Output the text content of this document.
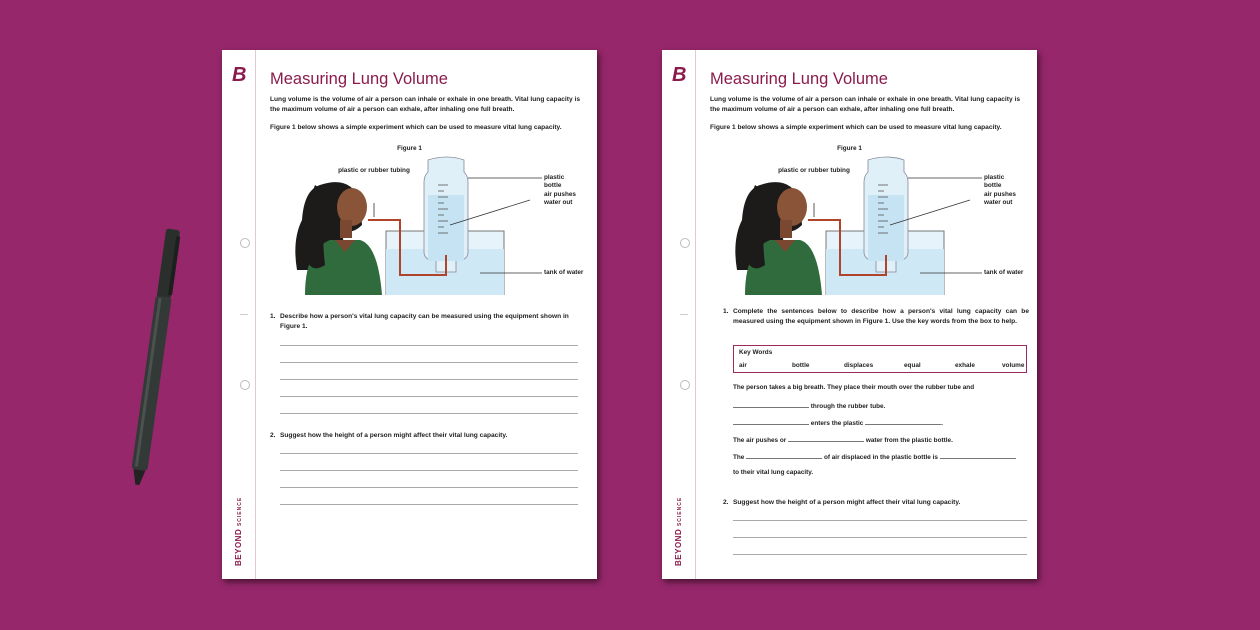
B
BEYOND SCIENCE
Measuring Lung Volume
Lung volume is the volume of air a person can inhale or exhale in one breath. Vital lung capacity is the maximum volume of air a person can exhale, after inhaling one full breath.
Figure 1 below shows a simple experiment which can be used to measure vital lung capacity.
Figure 1
plastic or rubber tubing
plastic bottle
air pushes water out
tank of water
1. Describe how a person's vital lung capacity can be measured using the equipment shown in Figure 1.
2. Suggest how the height of a person might affect their vital lung capacity.
B
BEYOND SCIENCE
Measuring Lung Volume
Lung volume is the volume of air a person can inhale or exhale in one breath. Vital lung capacity is the maximum volume of air a person can exhale, after inhaling one full breath.
Figure 1 below shows a simple experiment which can be used to measure vital lung capacity.
Figure 1
plastic or rubber tubing
plastic bottle
air pushes water out
tank of water
1. Complete the sentences below to describe how a person's vital lung capacity can be measured using the equipment shown in Figure 1. Use the key words from the box to help.
Key Words
air	bottle	displaces	equal	exhale	volume
The person takes a big breath. They place their mouth over the rubber tube and
through the rubber tube.
enters the plastic	.
The air pushes or	water from the plastic bottle.
The	of air displaced in the plastic bottle is
to their vital lung capacity.
2. Suggest how the height of a person might affect their vital lung capacity.
